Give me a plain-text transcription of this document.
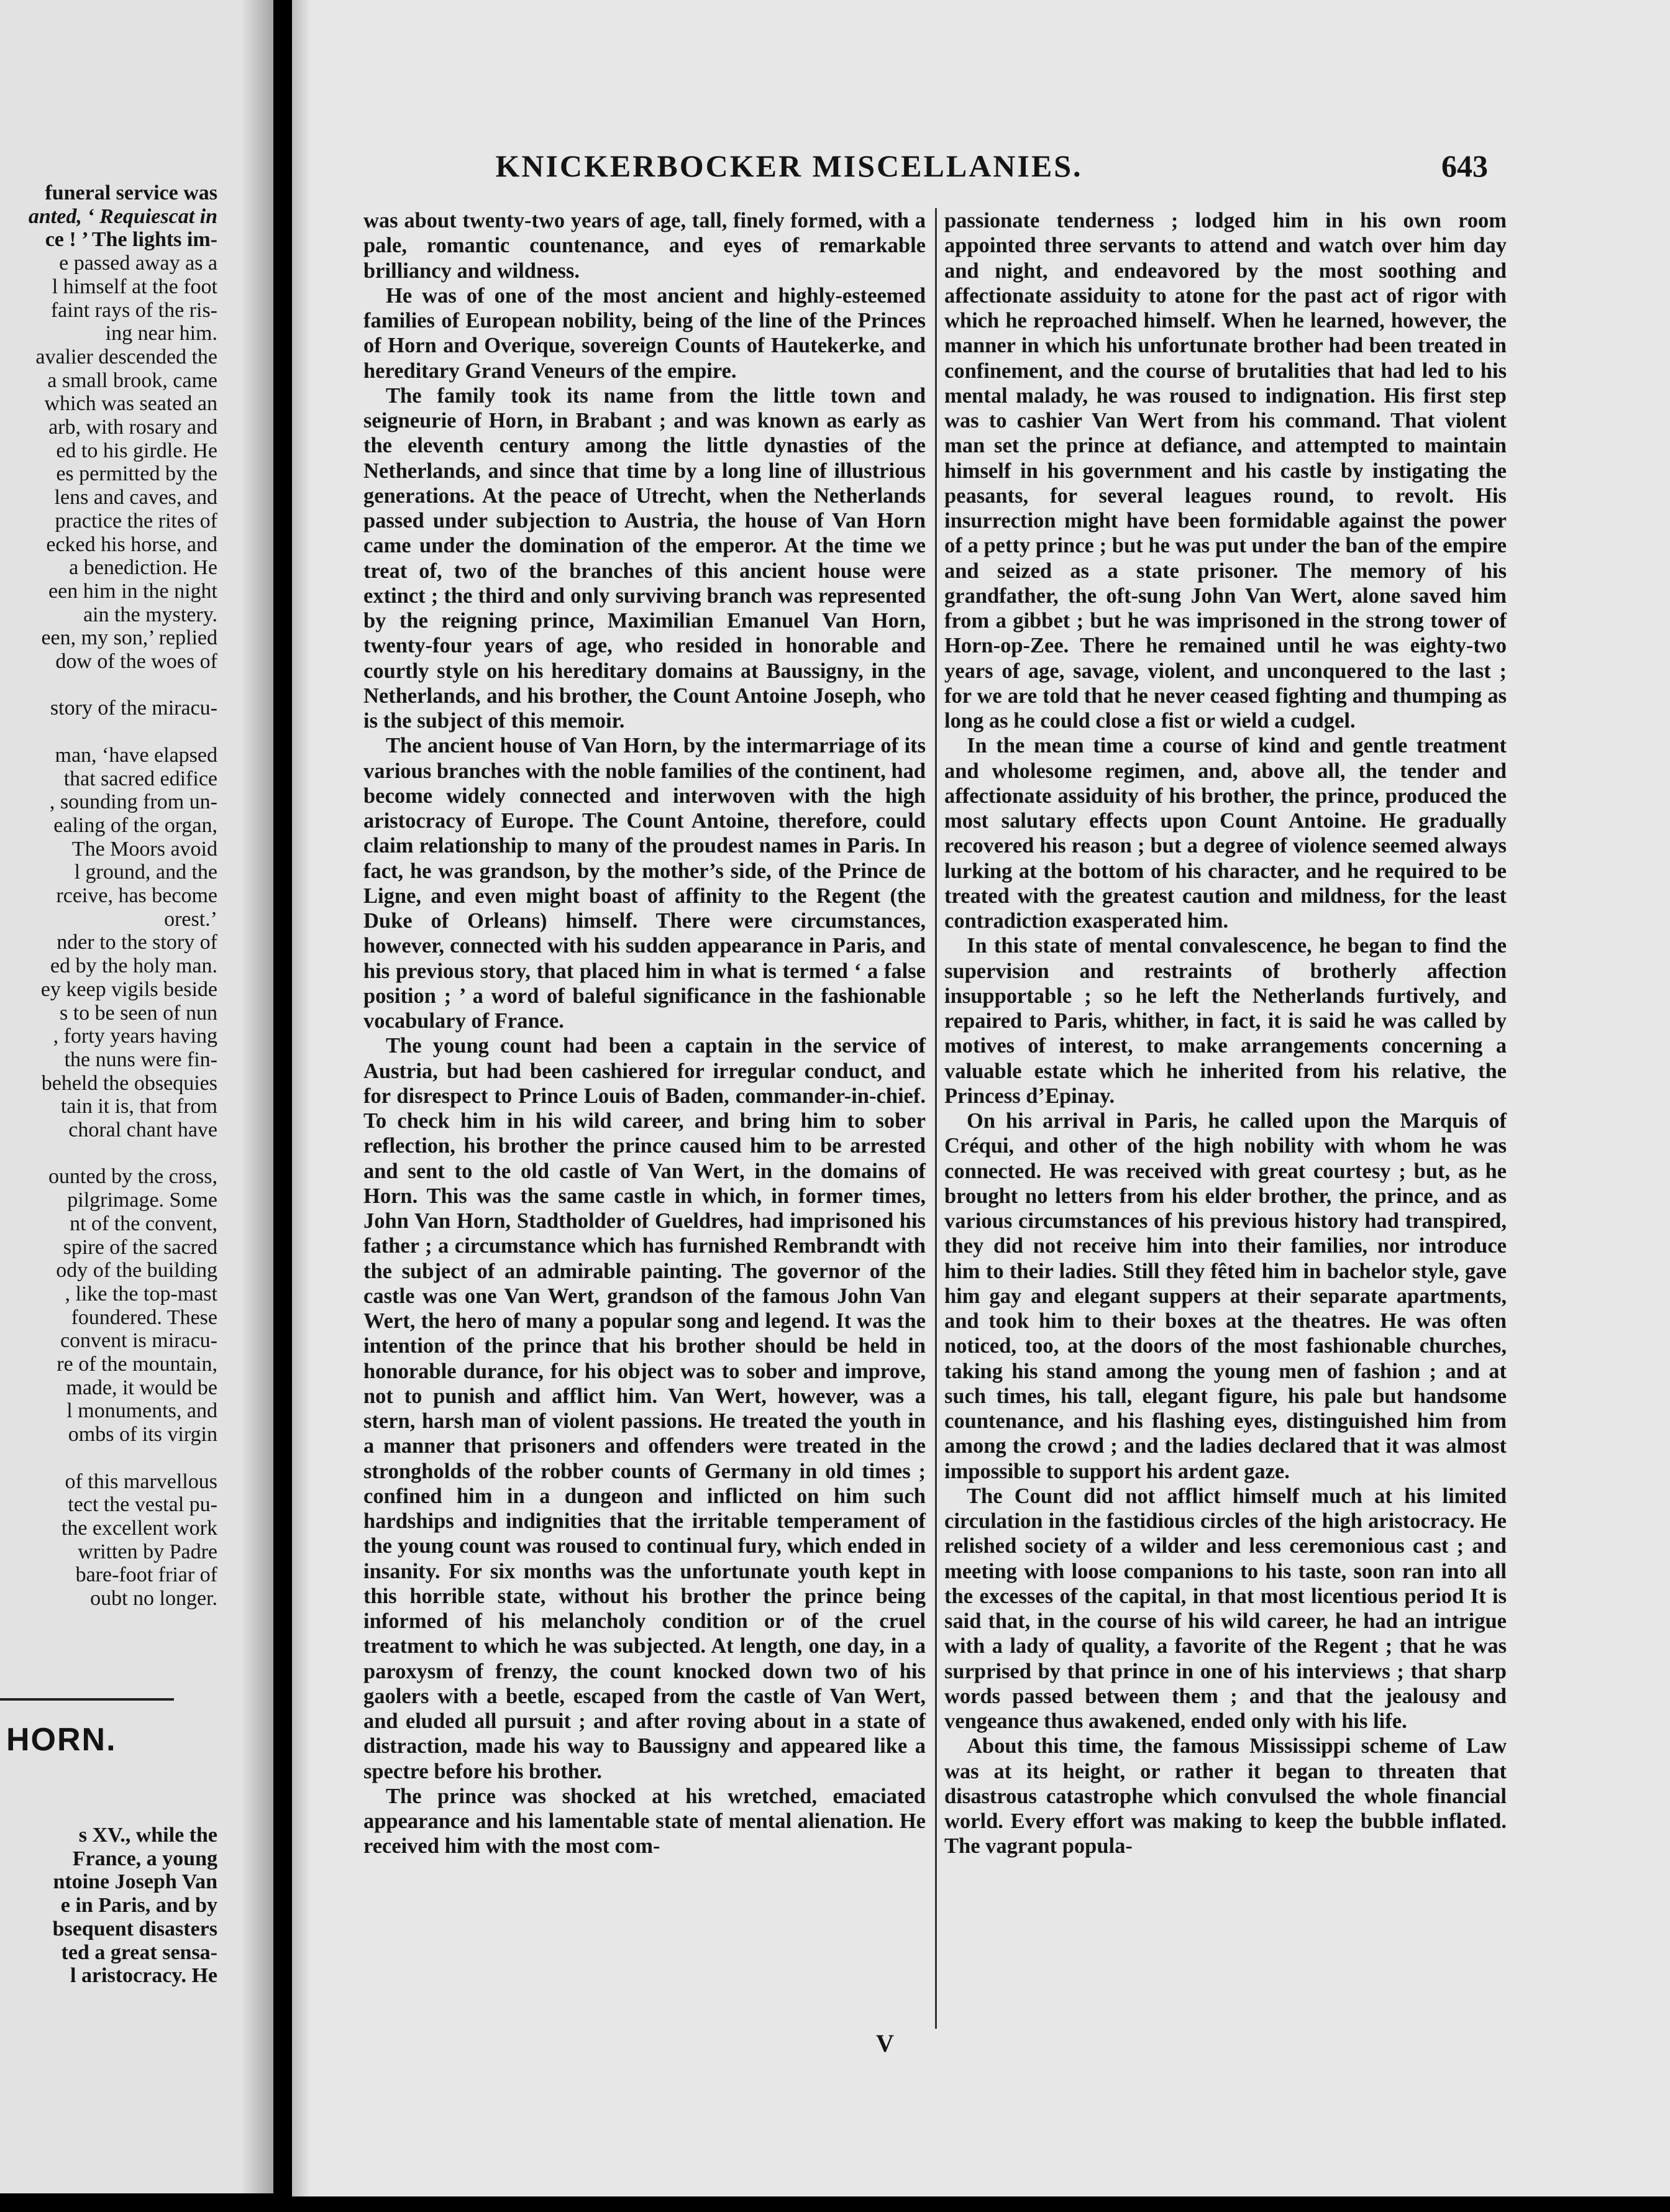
funeral service was
anted, ‘ Requiescat in
ce ! ’ The lights im-
e passed away as a
l himself at the foot
faint rays of the ris-
ing near him.
avalier descended the
a small brook, came
which was seated an
arb, with rosary and
ed to his girdle. He
es permitted by the
lens and caves, and
practice the rites of
ecked his horse, and
a benediction. He
een him in the night
ain the mystery.
een, my son,’ replied
dow of the woes of
story of the miracu-
man, ‘have elapsed
that sacred edifice
, sounding from un-
ealing of the organ,
The Moors avoid
l ground, and the
rceive, has become
orest.’
nder to the story of
ed by the holy man.
ey keep vigils beside
s to be seen of nun
, forty years having
the nuns were fin-
beheld the obsequies
tain it is, that from
choral chant have
ounted by the cross,
pilgrimage. Some
nt of the convent,
spire of the sacred
ody of the building
, like the top-mast
foundered. These
convent is miracu-
re of the mountain,
made, it would be
l monuments, and
ombs of its virgin
of this marvellous
tect the vestal pu-
the excellent work
written by Padre
bare-foot friar of
oubt no longer.
HORN.
s XV., while the
France, a young
ntoine Joseph Van
e in Paris, and by
bsequent disasters
ted a great sensa-
l aristocracy. He
KNICKERBOCKER MISCELLANIES.	643

was about twenty-two years of age, tall, finely formed, with a pale, romantic countenance, and eyes of remarkable brilliancy and wildness.

He was of one of the most ancient and highly-esteemed families of European nobility, being of the line of the Princes of Horn and Overique, sovereign Counts of Hautekerke, and hereditary Grand Veneurs of the empire.

The family took its name from the little town and seigneurie of Horn, in Brabant ; and was known as early as the eleventh century among the little dynasties of the Netherlands, and since that time by a long line of illustrious generations. At the peace of Utrecht, when the Netherlands passed under subjection to Austria, the house of Van Horn came under the domination of the emperor. At the time we treat of, two of the branches of this ancient house were extinct ; the third and only surviving branch was represented by the reigning prince, Maximilian Emanuel Van Horn, twenty-four years of age, who resided in honorable and courtly style on his hereditary domains at Baussigny, in the Netherlands, and his brother, the Count Antoine Joseph, who is the subject of this memoir.

The ancient house of Van Horn, by the intermarriage of its various branches with the noble families of the continent, had become widely connected and interwoven with the high aristocracy of Europe. The Count Antoine, therefore, could claim relationship to many of the proudest names in Paris. In fact, he was grandson, by the mother’s side, of the Prince de Ligne, and even might boast of affinity to the Regent (the Duke of Orleans) himself. There were circumstances, however, connected with his sudden appearance in Paris, and his previous story, that placed him in what is termed ‘ a false position ; ’ a word of baleful significance in the fashionable vocabulary of France.

The young count had been a captain in the service of Austria, but had been cashiered for irregular conduct, and for disrespect to Prince Louis of Baden, commander-in-chief. To check him in his wild career, and bring him to sober reflection, his brother the prince caused him to be arrested and sent to the old castle of Van Wert, in the domains of Horn. This was the same castle in which, in former times, John Van Horn, Stadtholder of Gueldres, had imprisoned his father ; a circumstance which has furnished Rembrandt with the subject of an admirable painting. The governor of the castle was one Van Wert, grandson of the famous John Van Wert, the hero of many a popular song and legend. It was the intention of the prince that his brother should be held in honorable durance, for his object was to sober and improve, not to punish and afflict him. Van Wert, however, was a stern, harsh man of violent passions. He treated the youth in a manner that prisoners and offenders were treated in the strongholds of the robber counts of Germany in old times ; confined him in a dungeon and inflicted on him such hardships and indignities that the irritable temperament of the young count was roused to continual fury, which ended in insanity. For six months was the unfortunate youth kept in this horrible state, without his brother the prince being informed of his melancholy condition or of the cruel treatment to which he was subjected. At length, one day, in a paroxysm of frenzy, the count knocked down two of his gaolers with a beetle, escaped from the castle of Van Wert, and eluded all pursuit ; and after roving about in a state of distraction, made his way to Baussigny and appeared like a spectre before his brother.

The prince was shocked at his wretched, emaciated appearance and his lamentable state of mental alienation. He received him with the most com-

passionate tenderness ; lodged him in his own room appointed three servants to attend and watch over him day and night, and endeavored by the most soothing and affectionate assiduity to atone for the past act of rigor with which he reproached himself. When he learned, however, the manner in which his unfortunate brother had been treated in confinement, and the course of brutalities that had led to his mental malady, he was roused to indignation. His first step was to cashier Van Wert from his command. That violent man set the prince at defiance, and attempted to maintain himself in his government and his castle by instigating the peasants, for several leagues round, to revolt. His insurrection might have been formidable against the power of a petty prince ; but he was put under the ban of the empire and seized as a state prisoner. The memory of his grandfather, the oft-sung John Van Wert, alone saved him from a gibbet ; but he was imprisoned in the strong tower of Horn-op-Zee. There he remained until he was eighty-two years of age, savage, violent, and unconquered to the last ; for we are told that he never ceased fighting and thumping as long as he could close a fist or wield a cudgel.

In the mean time a course of kind and gentle treatment and wholesome regimen, and, above all, the tender and affectionate assiduity of his brother, the prince, produced the most salutary effects upon Count Antoine. He gradually recovered his reason ; but a degree of violence seemed always lurking at the bottom of his character, and he required to be treated with the greatest caution and mildness, for the least contradiction exasperated him.

In this state of mental convalescence, he began to find the supervision and restraints of brotherly affection insupportable ; so he left the Netherlands furtively, and repaired to Paris, whither, in fact, it is said he was called by motives of interest, to make arrangements concerning a valuable estate which he inherited from his relative, the Princess d’Epinay.

On his arrival in Paris, he called upon the Marquis of Créqui, and other of the high nobility with whom he was connected. He was received with great courtesy ; but, as he brought no letters from his elder brother, the prince, and as various circumstances of his previous history had transpired, they did not receive him into their families, nor introduce him to their ladies. Still they fêted him in bachelor style, gave him gay and elegant suppers at their separate apartments, and took him to their boxes at the theatres. He was often noticed, too, at the doors of the most fashionable churches, taking his stand among the young men of fashion ; and at such times, his tall, elegant figure, his pale but handsome countenance, and his flashing eyes, distinguished him from among the crowd ; and the ladies declared that it was almost impossible to support his ardent gaze.

The Count did not afflict himself much at his limited circulation in the fastidious circles of the high aristocracy. He relished society of a wilder and less ceremonious cast ; and meeting with loose companions to his taste, soon ran into all the excesses of the capital, in that most licentious period It is said that, in the course of his wild career, he had an intrigue with a lady of quality, a favorite of the Regent ; that he was surprised by that prince in one of his interviews ; that sharp words passed between them ; and that the jealousy and vengeance thus awakened, ended only with his life.

About this time, the famous Mississippi scheme of Law was at its height, or rather it began to threaten that disastrous catastrophe which convulsed the whole financial world. Every effort was making to keep the bubble inflated. The vagrant popula-

V
